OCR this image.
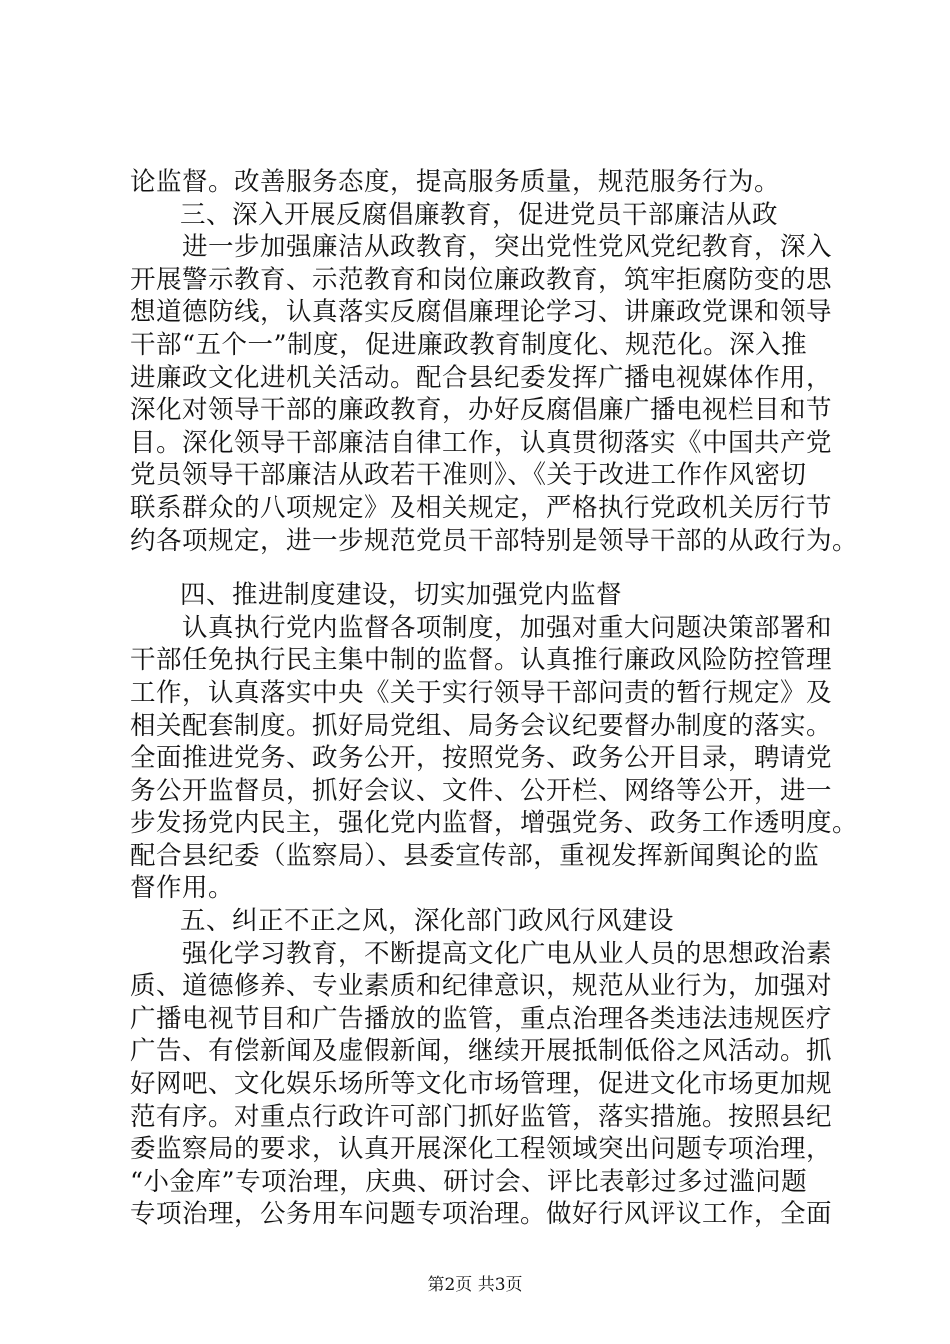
论监督。改善服务态度，提高服务质量，规范服务行为。
三、深入开展反腐倡廉教育，促进党员干部廉洁从政
进一步加强廉洁从政教育，突出党性党风党纪教育，深入
开展警示教育、示范教育和岗位廉政教育，筑牢拒腐防变的思
想道德防线，认真落实反腐倡廉理论学习、讲廉政党课和领导
干部“五个一”制度，促进廉政教育制度化、规范化。深入推
进廉政文化进机关活动。配合县纪委发挥广播电视媒体作用，
深化对领导干部的廉政教育，办好反腐倡廉广播电视栏目和节
目。深化领导干部廉洁自律工作，认真贯彻落实《中国共产党
党员领导干部廉洁从政若干准则》、《关于改进工作作风密切
联系群众的八项规定》及相关规定，严格执行党政机关厉行节
约各项规定，进一步规范党员干部特别是领导干部的从政行为。
四、推进制度建设，切实加强党内监督
认真执行党内监督各项制度，加强对重大问题决策部署和
干部任免执行民主集中制的监督。认真推行廉政风险防控管理
工作，认真落实中央《关于实行领导干部问责的暂行规定》及
相关配套制度。抓好局党组、局务会议纪要督办制度的落实。
全面推进党务、政务公开，按照党务、政务公开目录，聘请党
务公开监督员，抓好会议、文件、公开栏、网络等公开，进一
步发扬党内民主，强化党内监督，增强党务、政务工作透明度。
配合县纪委（监察局）、县委宣传部，重视发挥新闻舆论的监
督作用。
五、纠正不正之风，深化部门政风行风建设
强化学习教育，不断提高文化广电从业人员的思想政治素
质、道德修养、专业素质和纪律意识，规范从业行为，加强对
广播电视节目和广告播放的监管，重点治理各类违法违规医疗
广告、有偿新闻及虚假新闻，继续开展抵制低俗之风活动。抓
好网吧、文化娱乐场所等文化市场管理，促进文化市场更加规
范有序。对重点行政许可部门抓好监管，落实措施。按照县纪
委监察局的要求，认真开展深化工程领域突出问题专项治理，
“小金库”专项治理，庆典、研讨会、评比表彰过多过滥问题
专项治理，公务用车问题专项治理。做好行风评议工作，全面
第2页 共3页
